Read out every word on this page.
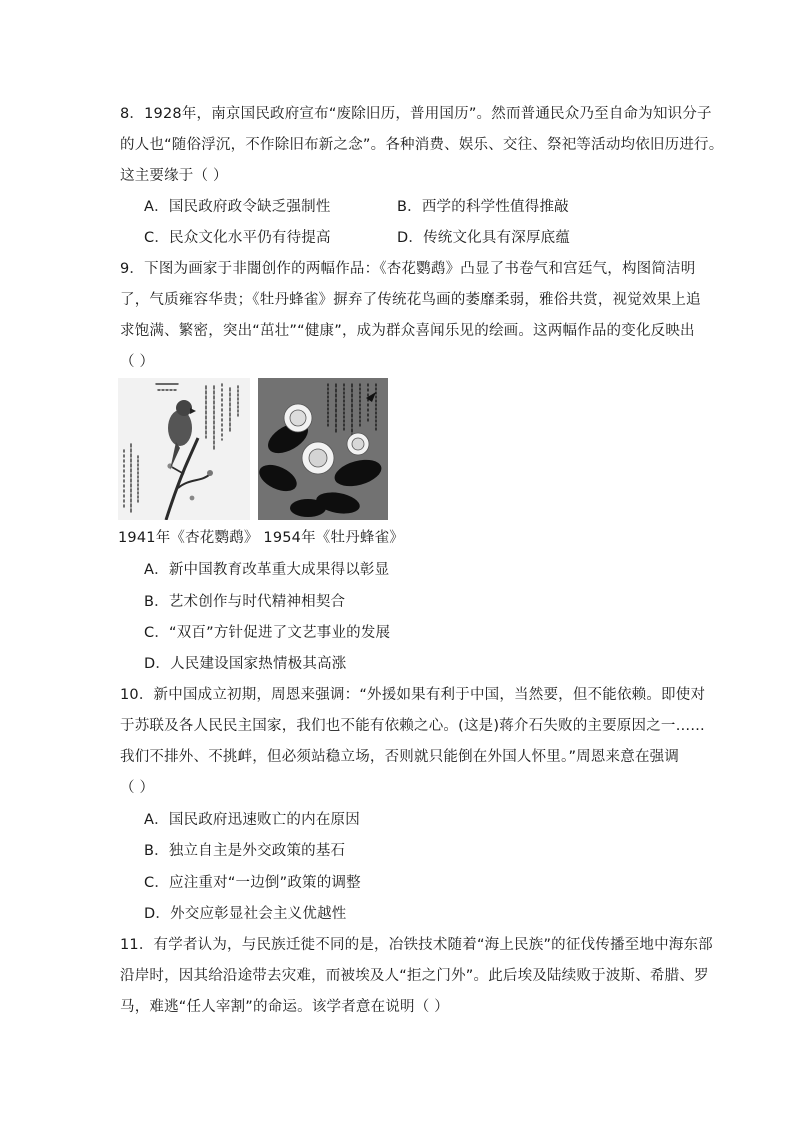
8．1928年，南京国民政府宣布“废除旧历，普用国历”。然而普通民众乃至自命为知识分子
的人也“随俗浮沉，不作除旧布新之念”。各种消费、娱乐、交往、祭祀等活动均依旧历进行。
这主要缘于（ ）
A．国民政府政令缺乏强制性	B．西学的科学性值得推敲
C．民众文化水平仍有待提高	D．传统文化具有深厚底蕴
9．下图为画家于非闇创作的两幅作品：《杏花鹦鹉》凸显了书卷气和宫廷气，构图简洁明
了，气质雍容华贵；《牡丹蜂雀》摒弃了传统花鸟画的萎靡柔弱，雅俗共赏，视觉效果上追
求饱满、繁密，突出“茁壮”“健康”，成为群众喜闻乐见的绘画。这两幅作品的变化反映出
（ ）
1941年《杏花鹦鹉》 1954年《牡丹蜂雀》
A．新中国教育改革重大成果得以彰显
B．艺术创作与时代精神相契合
C．“双百”方针促进了文艺事业的发展
D．人民建设国家热情极其高涨
10．新中国成立初期，周恩来强调：“外援如果有利于中国，当然要，但不能依赖。即使对
于苏联及各人民民主国家，我们也不能有依赖之心。(这是)蒋介石失败的主要原因之一……
我们不排外、不挑衅，但必须站稳立场，否则就只能倒在外国人怀里。”周恩来意在强调
（ ）
A．国民政府迅速败亡的内在原因
B．独立自主是外交政策的基石
C．应注重对“一边倒”政策的调整
D．外交应彰显社会主义优越性
11．有学者认为，与民族迁徙不同的是，冶铁技术随着“海上民族”的征伐传播至地中海东部
沿岸时，因其给沿途带去灾难，而被埃及人“拒之门外”。此后埃及陆续败于波斯、希腊、罗
马，难逃“任人宰割”的命运。该学者意在说明（ ）
